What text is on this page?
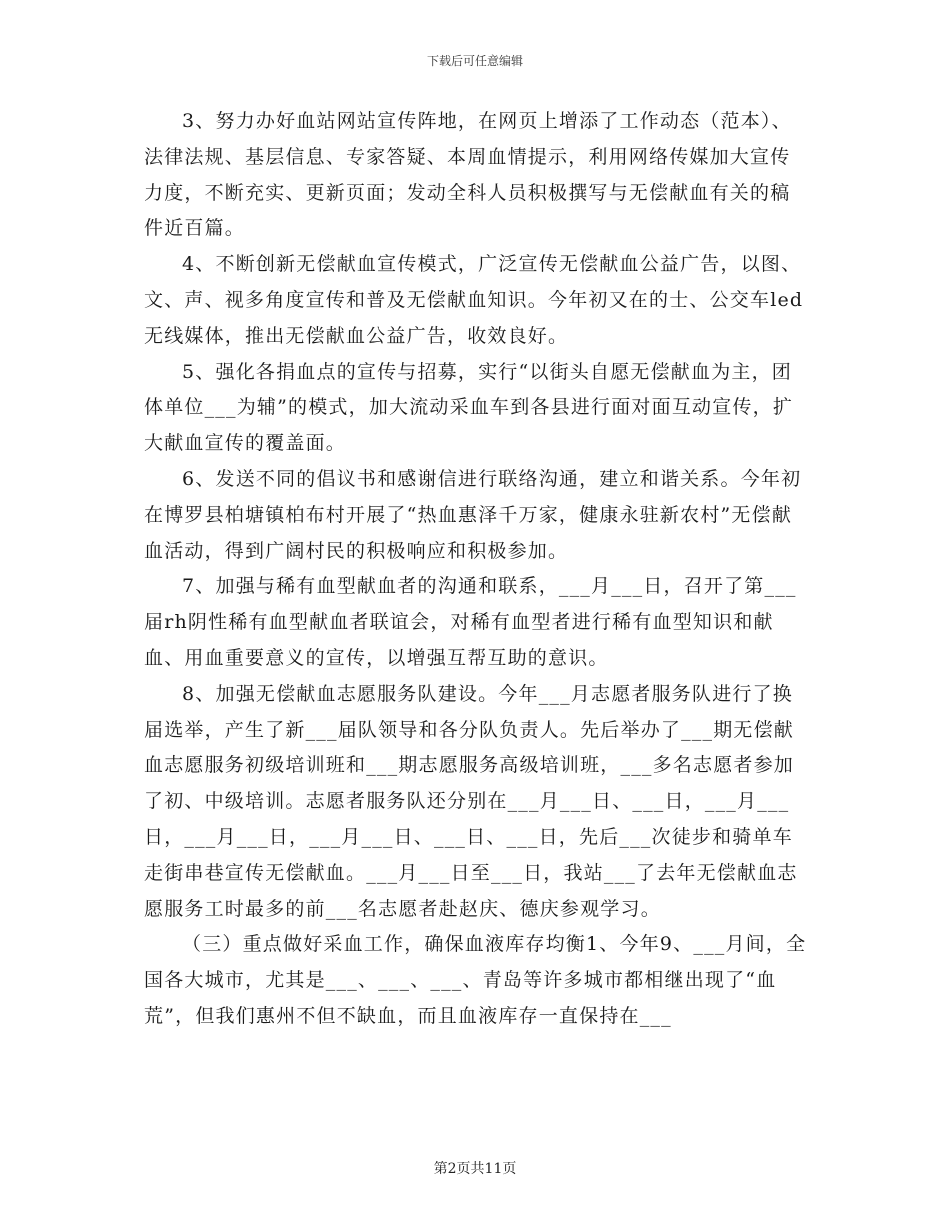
下载后可任意编辑

3、努力办好血站网站宣传阵地，在网页上增添了工作动态（范本）、法律法规、基层信息、专家答疑、本周血情提示，利用网络传媒加大宣传力度，不断充实、更新页面；发动全科人员积极撰写与无偿献血有关的稿件近百篇。

4、不断创新无偿献血宣传模式，广泛宣传无偿献血公益广告，以图、文、声、视多角度宣传和普及无偿献血知识。今年初又在的士、公交车led无线媒体，推出无偿献血公益广告，收效良好。

5、强化各捐血点的宣传与招募，实行“以街头自愿无偿献血为主，团体单位___为辅”的模式，加大流动采血车到各县进行面对面互动宣传，扩大献血宣传的覆盖面。

6、发送不同的倡议书和感谢信进行联络沟通，建立和谐关系。今年初在博罗县柏塘镇柏布村开展了“热血惠泽千万家，健康永驻新农村”无偿献血活动，得到广阔村民的积极响应和积极参加。

7、加强与稀有血型献血者的沟通和联系，___月___日，召开了第___届rh阴性稀有血型献血者联谊会，对稀有血型者进行稀有血型知识和献血、用血重要意义的宣传，以增强互帮互助的意识。

8、加强无偿献血志愿服务队建设。今年___月志愿者服务队进行了换届选举，产生了新___届队领导和各分队负责人。先后举办了___期无偿献血志愿服务初级培训班和___期志愿服务高级培训班，___多名志愿者参加了初、中级培训。志愿者服务队还分别在___月___日、___日，___月___日，___月___日，___月___日、___日、___日，先后___次徒步和骑单车走街串巷宣传无偿献血。___月___日至___日，我站___了去年无偿献血志愿服务工时最多的前___名志愿者赴赵庆、德庆参观学习。

（三）重点做好采血工作，确保血液库存均衡1、今年9、___月间，全国各大城市，尤其是___、___、___、青岛等许多城市都相继出现了“血荒”，但我们惠州不但不缺血，而且血液库存一直保持在___

第2页共11页
